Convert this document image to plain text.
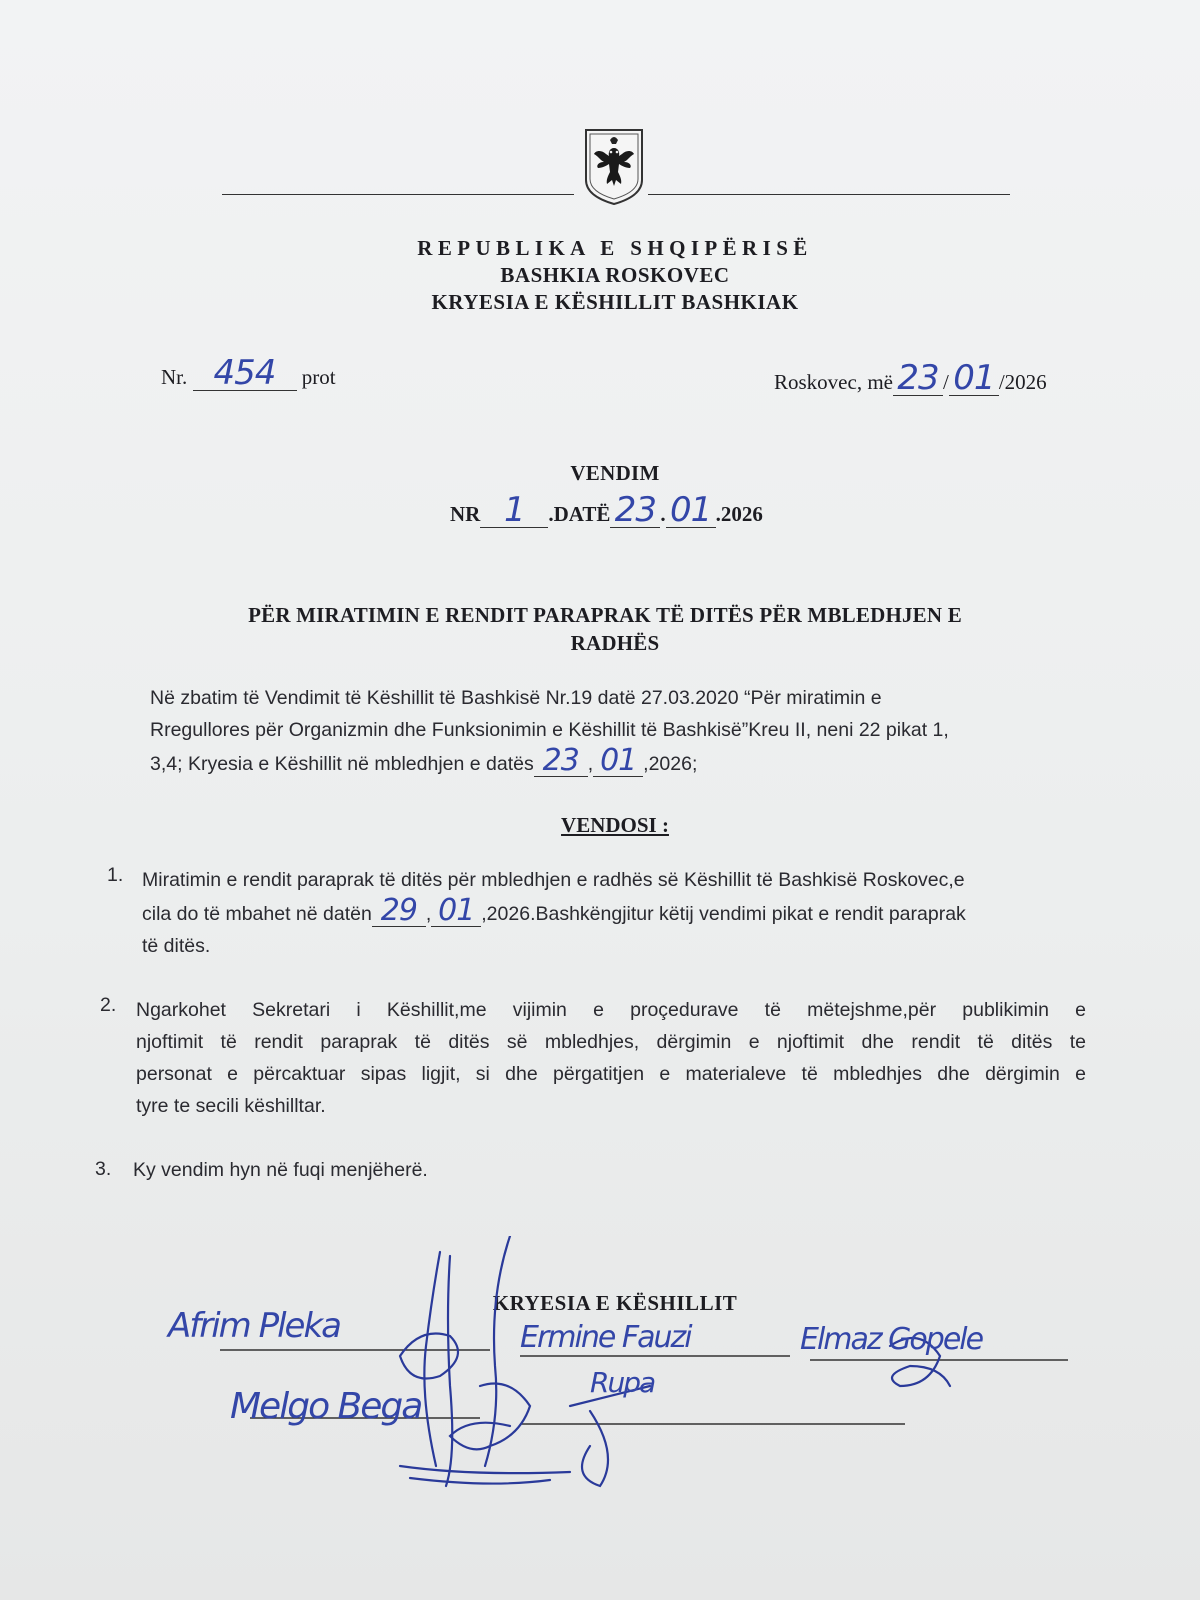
REPUBLIKA E SHQIPËRISË
BASHKIA ROSKOVEC
KRYESIA E KËSHILLIT BASHKIAK
Nr. 454 prot	Roskovec, më 23 / 01 /2026
VENDIM
NR 1 .DATË 23 . 01 .2026
PËR MIRATIMIN E RENDIT PARAPRAK TË DITËS PËR MBLEDHJEN E
RADHËS
Në zbatim të Vendimit të Këshillit të Bashkisë Nr.19 datë 27.03.2020 “Për miratimin e
Rregullores për Organizmin dhe Funksionimin e Këshillit të Bashkisë”Kreu II, neni 22 pikat 1,
3,4; Kryesia e Këshillit në mbledhjen e datës 23 , 01 ,2026;
VENDOSI :
1. Miratimin e rendit paraprak të ditës për mbledhjen e radhës së Këshillit të Bashkisë Roskovec,e
cila do të mbahet në datën 29 , 01 ,2026.Bashkëngjitur këtij vendimi pikat e rendit paraprak
të ditës.
2. Ngarkohet Sekretari i Këshillit,me vijimin e proçedurave të mëtejshme,për publikimin e
njoftimit të rendit paraprak të ditës së mbledhjes, dërgimin e njoftimit dhe rendit të ditës te
personat e përcaktuar sipas ligjit, si dhe përgatitjen e materialeve të mbledhjes dhe dërgimin e
tyre te secili këshilltar.
3. Ky vendim hyn në fuqi menjëherë.
KRYESIA E KËSHILLIT
Afrim Pleka	Ermine Fauzi	Elmaz Gopele
Melgo Bega
Rupa
